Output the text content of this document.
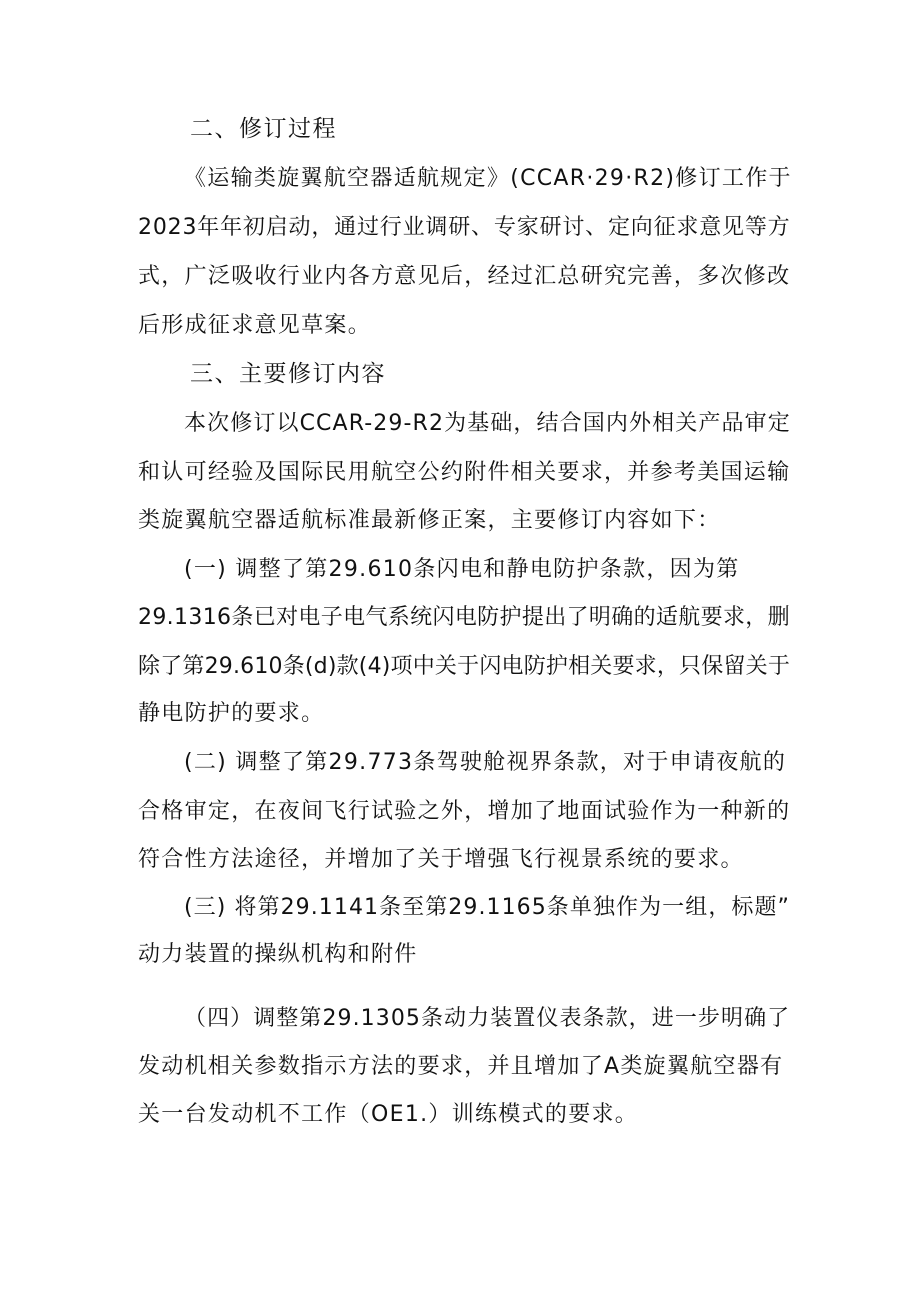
二、修订过程
《运输类旋翼航空器适航规定》(CCAR·29·R2)修订工作于
2023年年初启动，通过行业调研、专家研讨、定向征求意见等方
式，广泛吸收行业内各方意见后，经过汇总研究完善，多次修改
后形成征求意见草案。
三、主要修订内容
本次修订以CCAR-29-R2为基础，结合国内外相关产品审定
和认可经验及国际民用航空公约附件相关要求，并参考美国运输
类旋翼航空器适航标准最新修正案，主要修订内容如下：
(一) 调整了第29.610条闪电和静电防护条款，因为第
29.1316条已对电子电气系统闪电防护提出了明确的适航要求，删
除了第29.610条(d)款(4)项中关于闪电防护相关要求，只保留关于
静电防护的要求。
(二) 调整了第29.773条驾驶舱视界条款，对于申请夜航的
合格审定，在夜间飞行试验之外，增加了地面试验作为一种新的
符合性方法途径，并增加了关于增强飞行视景系统的要求。
(三) 将第29.1141条至第29.1165条单独作为一组，标题”
动力装置的操纵机构和附件
（四）调整第29.1305条动力装置仪表条款，进一步明确了
发动机相关参数指示方法的要求，并且增加了A类旋翼航空器有
关一台发动机不工作（OE1.）训练模式的要求。
